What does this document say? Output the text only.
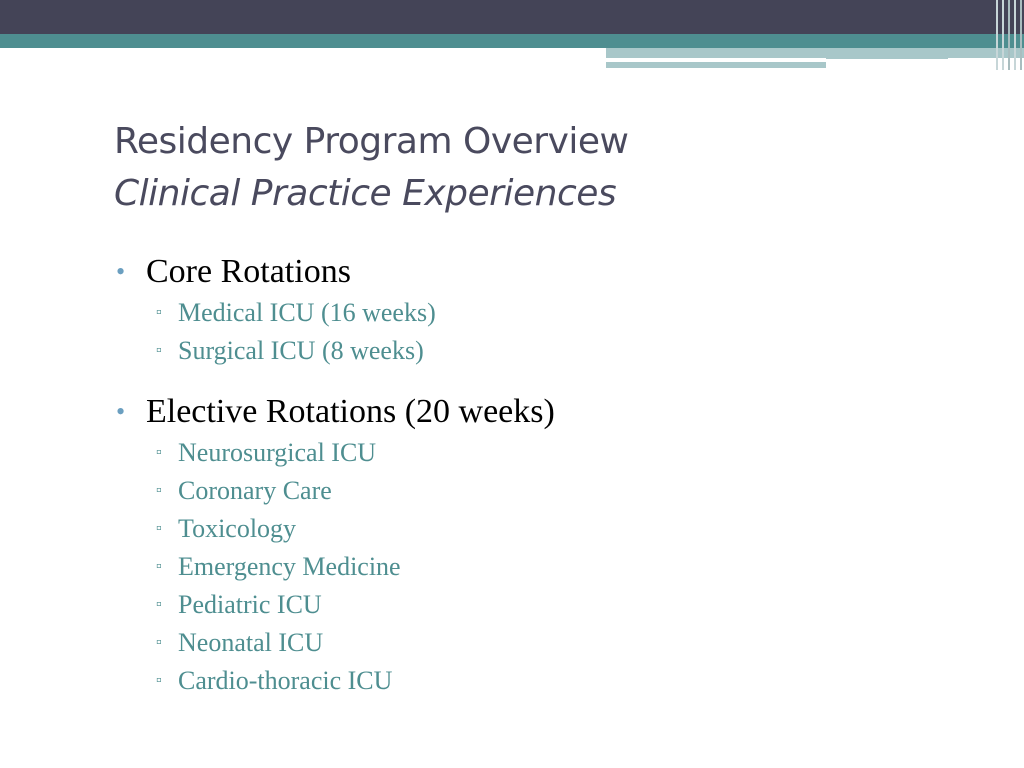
Residency Program Overview
Clinical Practice Experiences
• Core Rotations
▫ Medical ICU (16 weeks)
▫ Surgical ICU (8 weeks)
• Elective Rotations (20 weeks)
▫ Neurosurgical ICU
▫ Coronary Care
▫ Toxicology
▫ Emergency Medicine
▫ Pediatric ICU
▫ Neonatal ICU
▫ Cardio-thoracic ICU
